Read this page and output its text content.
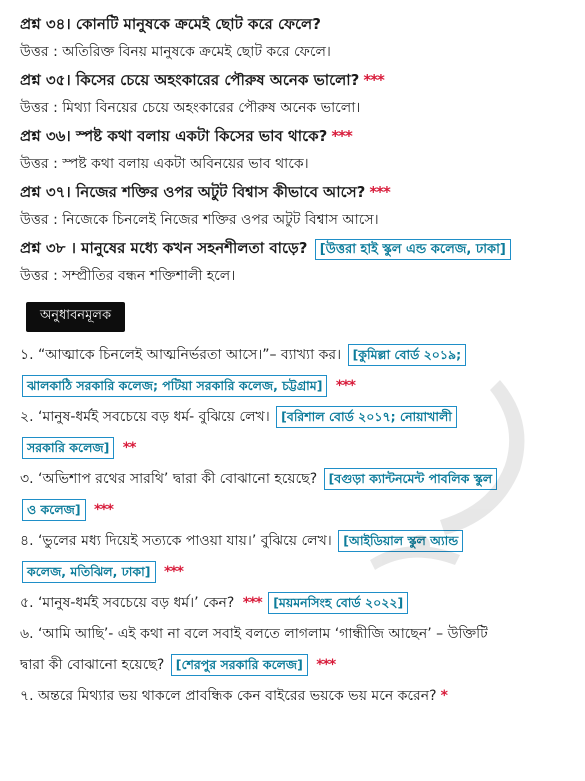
প্রশ্ন ৩৪। কোনটি মানুষকে ক্রমেই ছোট করে ফেলে?
উত্তর : অতিরিক্ত বিনয় মানুষকে ক্রমেই ছোট করে ফেলে।
প্রশ্ন ৩৫। কিসের চেয়ে অহংকারের পৌরুষ অনেক ভালো? ***
উত্তর : মিথ্যা বিনয়ের চেয়ে অহংকারের পৌরুষ অনেক ভালো।
প্রশ্ন ৩৬। স্পষ্ট কথা বলায় একটা কিসের ভাব থাকে? ***
উত্তর : স্পষ্ট কথা বলায় একটা অবিনয়ের ভাব থাকে।
প্রশ্ন ৩৭। নিজের শক্তির ওপর অটুট বিশ্বাস কীভাবে আসে? ***
উত্তর : নিজেকে চিনলেই নিজের শক্তির ওপর অটুট বিশ্বাস আসে।
প্রশ্ন ৩৮ । মানুষের মধ্যে কখন সহনশীলতা বাড়ে? [উত্তরা হাই স্কুল এন্ড কলেজ, ঢাকা]
উত্তর : সম্প্রীতির বন্ধন শক্তিশালী হলে।
অনুধাবনমূলক
১. “আত্মাকে চিনলেই আত্মনির্ভরতা আসে।”– ব্যাখ্যা কর। [কুমিল্লা বোর্ড ২০১৯;
ঝালকাঠি সরকারি কলেজ; পটিয়া সরকারি কলেজ, চট্টগ্রাম] ***
২. ‘মানুষ-ধর্মই সবচেয়ে বড় ধর্ম- বুঝিয়ে লেখ। [বরিশাল বোর্ড ২০১৭; নোয়াখালী
সরকারি কলেজ] **
৩. ‘অভিশাপ রথের সারথি’ দ্বারা কী বোঝানো হয়েছে? [বগুড়া ক্যান্টনমেন্ট পাবলিক স্কুল
ও কলেজ] ***
৪. ‘ভুলের মধ্য দিয়েই সত্যকে পাওয়া যায়।’ বুঝিয়ে লেখ। [আইডিয়াল স্কুল অ্যান্ড
কলেজ, মতিঝিল, ঢাকা] ***
৫. ‘মানুষ-ধর্মই সবচেয়ে বড় ধর্ম।’ কেন? *** [ময়মনসিংহ বোর্ড ২০২২]
৬. ‘আমি আছি’- এই কথা না বলে সবাই বলতে লাগলাম ‘গান্ধীজি আছেন’ – উক্তিটি
দ্বারা কী বোঝানো হয়েছে? [শেরপুর সরকারি কলেজ] ***
৭. অন্তরে মিথ্যার ভয় থাকলে প্রাবন্ধিক কেন বাইরের ভয়কে ভয় মনে করেন? *
